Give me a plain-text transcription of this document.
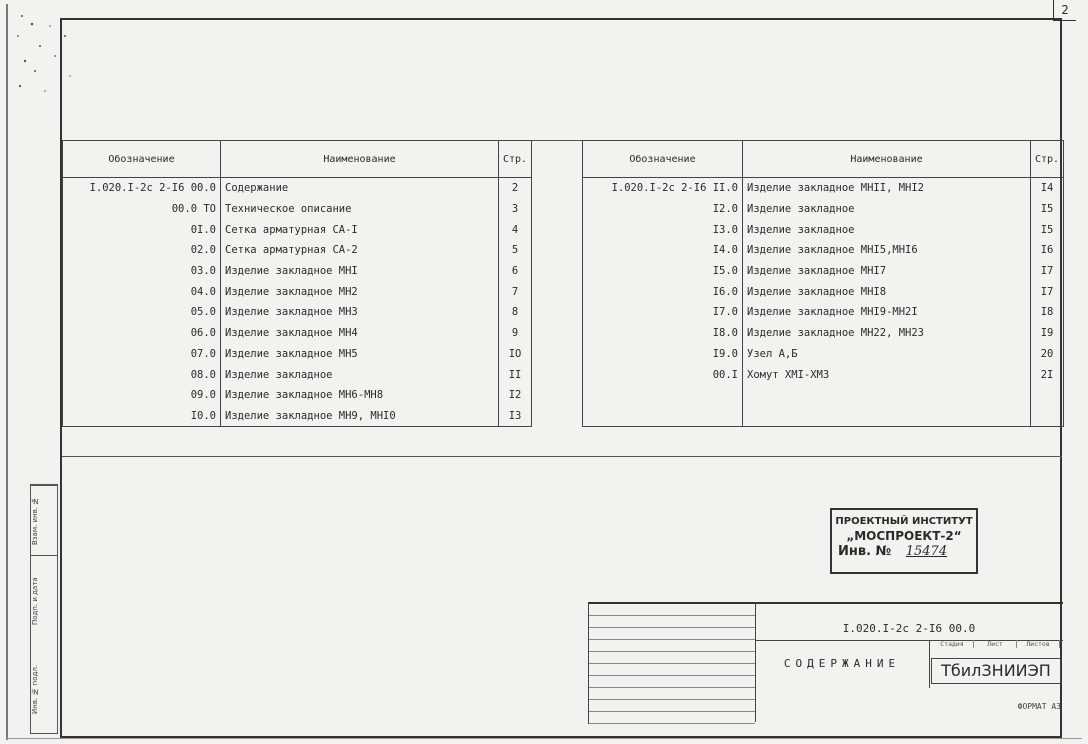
2
Обозначение	Наименование	Стр.
I.020.I-2c 2-I6 00.0	Содержание	2
00.0 ТО	Техническое описание	3
0I.0	Сетка арматурная СА-I	4
02.0	Сетка арматурная СА-2	5
03.0	Изделие закладное МНI	6
04.0	Изделие закладное МН2	7
05.0	Изделие закладное МН3	8
06.0	Изделие закладное МН4	9
07.0	Изделие закладное МН5	IO
08.0	Изделие закладное	II
09.0	Изделие закладное МН6-МН8	I2
I0.0	Изделие закладное МН9, МНI0	I3
Обозначение	Наименование	Стр.
I.020.I-2c 2-I6 II.0	Изделие закладное МНII, МНI2	I4
I2.0	Изделие закладное	I5
I3.0	Изделие закладное	I5
I4.0	Изделие закладное МНI5,МНI6	I6
I5.0	Изделие закладное МНI7	I7
I6.0	Изделие закладное МНI8	I7
I7.0	Изделие закладное МНI9-МН2I	I8
I8.0	Изделие закладное МН22, МН23	I9
I9.0	Узел А,Б	20
00.I	Хомут ХМI-ХМ3	2I

ПРОЕКТНЫЙ ИНСТИТУТ
„МОСПРОЕКТ-2“
Инв. № 15474
I.020.I-2c 2-I6 00.0
СОДЕРЖАНИЕ
Стадия	Лист	Листов
ТбилЗНИИЭП
ФОРМАТ А3
Взам. инв. №
Подп. и дата
Инв. № подл.
